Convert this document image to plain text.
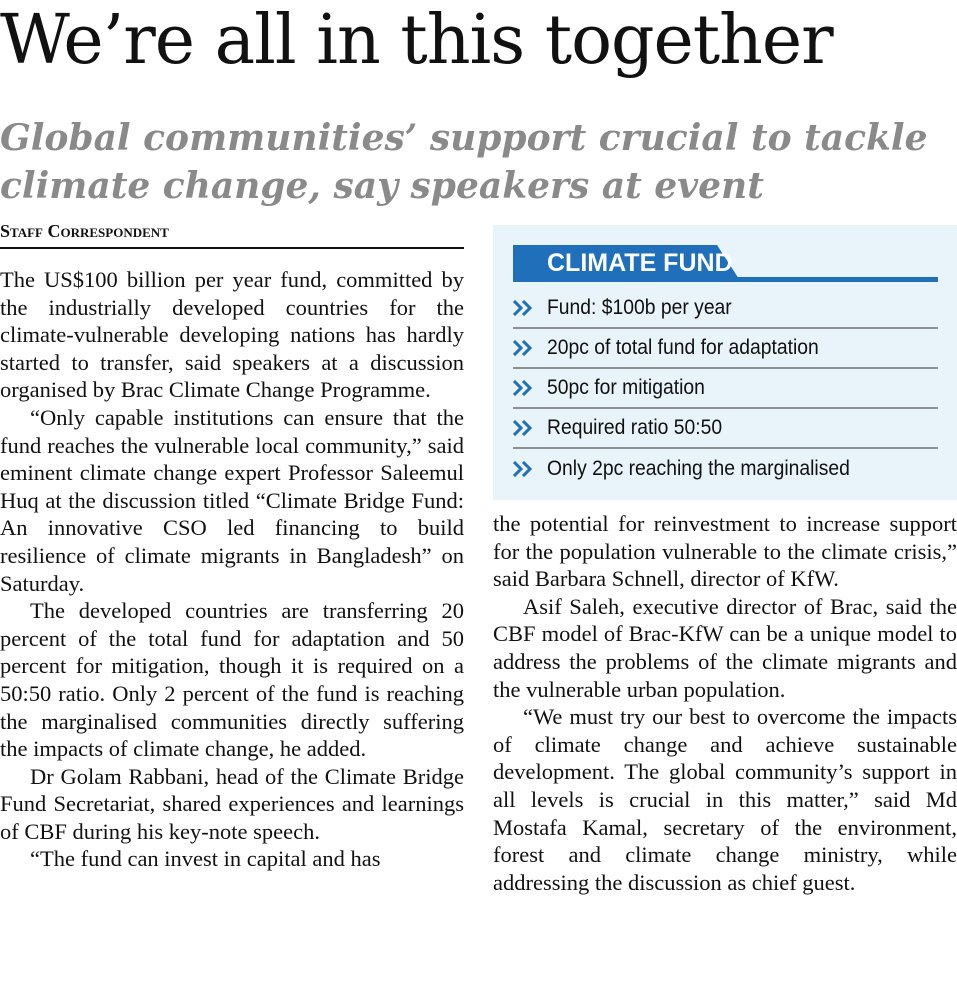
We’re all in this together
Global communities’ support crucial to tackle climate change, say speakers at event
Staff Correspondent

The US$100 billion per year fund, committed by the industrially developed countries for the climate-vulnerable developing nations has hardly started to transfer, said speakers at a discussion organised by Brac Climate Change Programme.

“Only capable institutions can ensure that the fund reaches the vulnerable local community,” said eminent climate change expert Professor Saleemul Huq at the discussion titled “Climate Bridge Fund: An innovative CSO led financing to build resilience of climate migrants in Bangladesh” on Saturday.

The developed countries are transferring 20 percent of the total fund for adaptation and 50 percent for mitigation, though it is required on a 50:50 ratio. Only 2 percent of the fund is reaching the marginalised communities directly suffering the impacts of climate change, he added.

Dr Golam Rabbani, head of the Climate Bridge Fund Secretariat, shared experiences and learnings of CBF during his key-note speech.

“The fund can invest in capital and has

CLIMATE FUND
Fund: $100b per year
20pc of total fund for adaptation
50pc for mitigation
Required ratio 50:50
Only 2pc reaching the marginalised

the potential for reinvestment to increase support for the population vulnerable to the climate crisis,” said Barbara Schnell, director of KfW.

Asif Saleh, executive director of Brac, said the CBF model of Brac-KfW can be a unique model to address the problems of the climate migrants and the vulnerable urban population.

“We must try our best to overcome the impacts of climate change and achieve sustainable development. The global community’s support in all levels is crucial in this matter,” said Md Mostafa Kamal, secretary of the environment, forest and climate change ministry, while addressing the discussion as chief guest.
